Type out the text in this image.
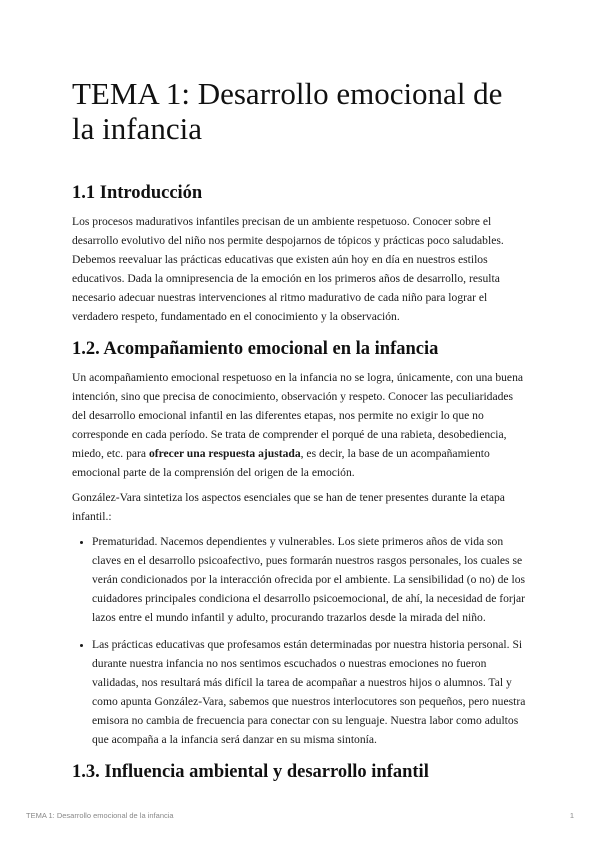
TEMA 1: Desarrollo emocional de la infancia
1.1 Introducción

Los procesos madurativos infantiles precisan de un ambiente respetuoso. Conocer sobre el desarrollo evolutivo del niño nos permite despojarnos de tópicos y prácticas poco saludables. Debemos reevaluar las prácticas educativas que existen aún hoy en día en nuestros estilos educativos. Dada la omnipresencia de la emoción en los primeros años de desarrollo, resulta necesario adecuar nuestras intervenciones al ritmo madurativo de cada niño para lograr el verdadero respeto, fundamentado en el conocimiento y la observación.

1.2. Acompañamiento emocional en la infancia

Un acompañamiento emocional respetuoso en la infancia no se logra, únicamente, con una buena intención, sino que precisa de conocimiento, observación y respeto. Conocer las peculiaridades del desarrollo emocional infantil en las diferentes etapas, nos permite no exigir lo que no corresponde en cada período. Se trata de comprender el porqué de una rabieta, desobediencia, miedo, etc. para ofrecer una respuesta ajustada, es decir, la base de un acompañamiento emocional parte de la comprensión del origen de la emoción.

González-Vara sintetiza los aspectos esenciales que se han de tener presentes durante la etapa infantil.:

• Prematuridad. Nacemos dependientes y vulnerables. Los siete primeros años de vida son claves en el desarrollo psicoafectivo, pues formarán nuestros rasgos personales, los cuales se verán condicionados por la interacción ofrecida por el ambiente. La sensibilidad (o no) de los cuidadores principales condiciona el desarrollo psicoemocional, de ahí, la necesidad de forjar lazos entre el mundo infantil y adulto, procurando trazarlos desde la mirada del niño.
• Las prácticas educativas que profesamos están determinadas por nuestra historia personal. Si durante nuestra infancia no nos sentimos escuchados o nuestras emociones no fueron validadas, nos resultará más difícil la tarea de acompañar a nuestros hijos o alumnos. Tal y como apunta González-Vara, sabemos que nuestros interlocutores son pequeños, pero nuestra emisora no cambia de frecuencia para conectar con su lenguaje. Nuestra labor como adultos que acompaña a la infancia será danzar en su misma sintonía.
1.3. Influencia ambiental y desarrollo infantil
TEMA 1: Desarrollo emocional de la infancia	1
